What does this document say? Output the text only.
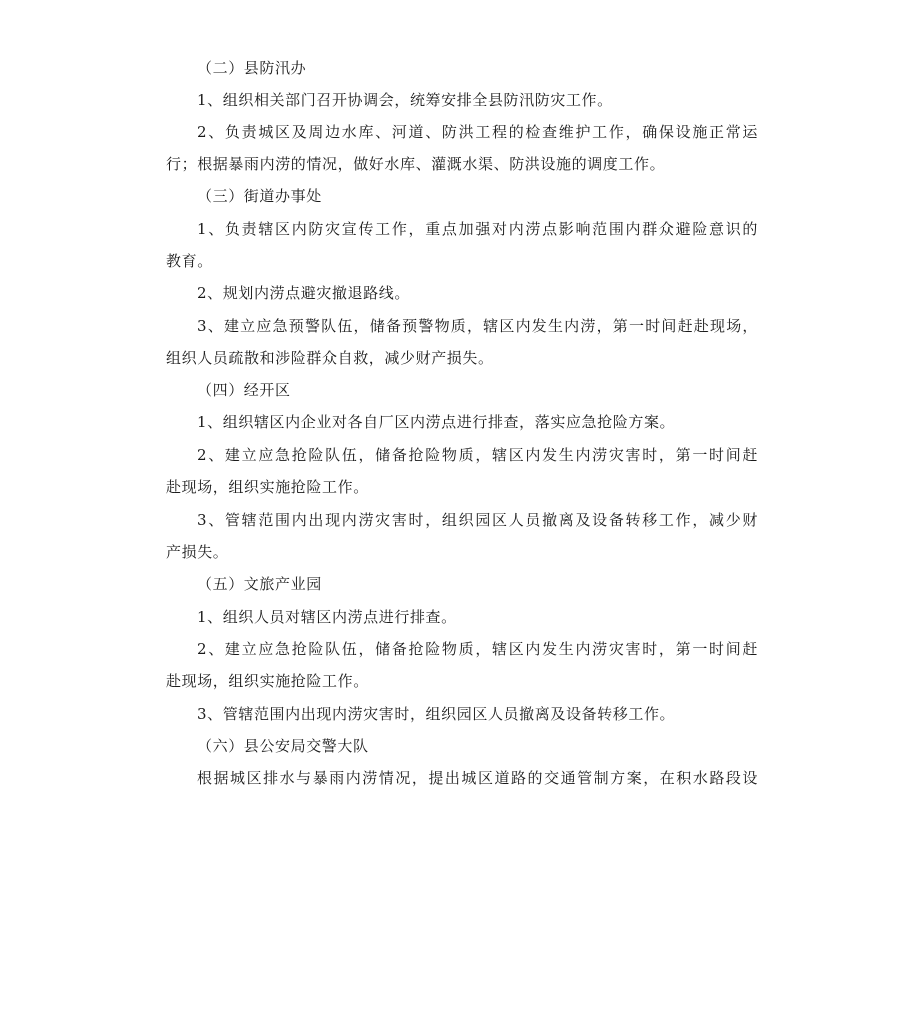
（二）县防汛办
1、组织相关部门召开协调会，统筹安排全县防汛防灾工作。
2、负责城区及周边水库、河道、防洪工程的检查维护工作，确保设施正常运
行；根据暴雨内涝的情况，做好水库、灌溉水渠、防洪设施的调度工作。
（三）街道办事处
1、负责辖区内防灾宣传工作，重点加强对内涝点影响范围内群众避险意识的
教育。
2、规划内涝点避灾撤退路线。
3、建立应急预警队伍，储备预警物质，辖区内发生内涝，第一时间赶赴现场，
组织人员疏散和涉险群众自救，减少财产损失。
（四）经开区
1、组织辖区内企业对各自厂区内涝点进行排查，落实应急抢险方案。
2、建立应急抢险队伍，储备抢险物质，辖区内发生内涝灾害时，第一时间赶
赴现场，组织实施抢险工作。
3、管辖范围内出现内涝灾害时，组织园区人员撤离及设备转移工作，减少财
产损失。
（五）文旅产业园
1、组织人员对辖区内涝点进行排查。
2、建立应急抢险队伍，储备抢险物质，辖区内发生内涝灾害时，第一时间赶
赴现场，组织实施抢险工作。
3、管辖范围内出现内涝灾害时，组织园区人员撤离及设备转移工作。
（六）县公安局交警大队
根据城区排水与暴雨内涝情况，提出城区道路的交通管制方案，在积水路段设
